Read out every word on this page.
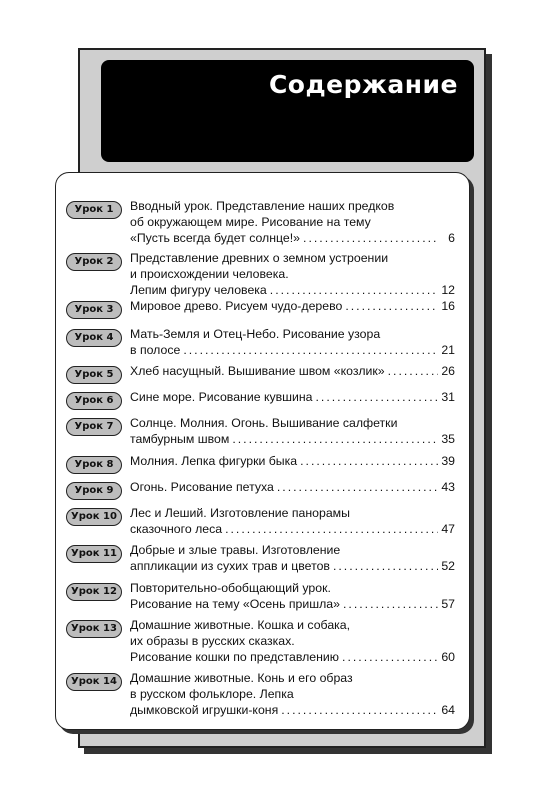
Содержание
Урок 1	Вводный урок. Представление наших предков
об окружающем мире. Рисование на тему
«Пусть всегда будет солнце!» .....	6
Урок 2	Представление древних о земном устроении
и происхождении человека.
Лепим фигуру человека .....	12
Урок 3	Мировое древо. Рисуем чудо-дерево .....	16
Урок 4	Мать-Земля и Отец-Небо. Рисование узора
в полосе .....	21
Урок 5	Хлеб насущный. Вышивание швом «козлик» .....	26
Урок 6	Сине море. Рисование кувшина .....	31
Урок 7	Солнце. Молния. Огонь. Вышивание салфетки
тамбурным швом .....	35
Урок 8	Молния. Лепка фигурки быка .....	39
Урок 9	Огонь. Рисование петуха .....	43
Урок 10	Лес и Леший. Изготовление панорамы
сказочного леса .....	47
Урок 11	Добрые и злые травы. Изготовление
аппликации из сухих трав и цветов .....	52
Урок 12	Повторительно-обобщающий урок.
Рисование на тему «Осень пришла» .....	57
Урок 13	Домашние животные. Кошка и собака,
их образы в русских сказках.
Рисование кошки по представлению .....	60
Урок 14	Домашние животные. Конь и его образ
в русском фольклоре. Лепка
дымковской игрушки-коня .....	64
